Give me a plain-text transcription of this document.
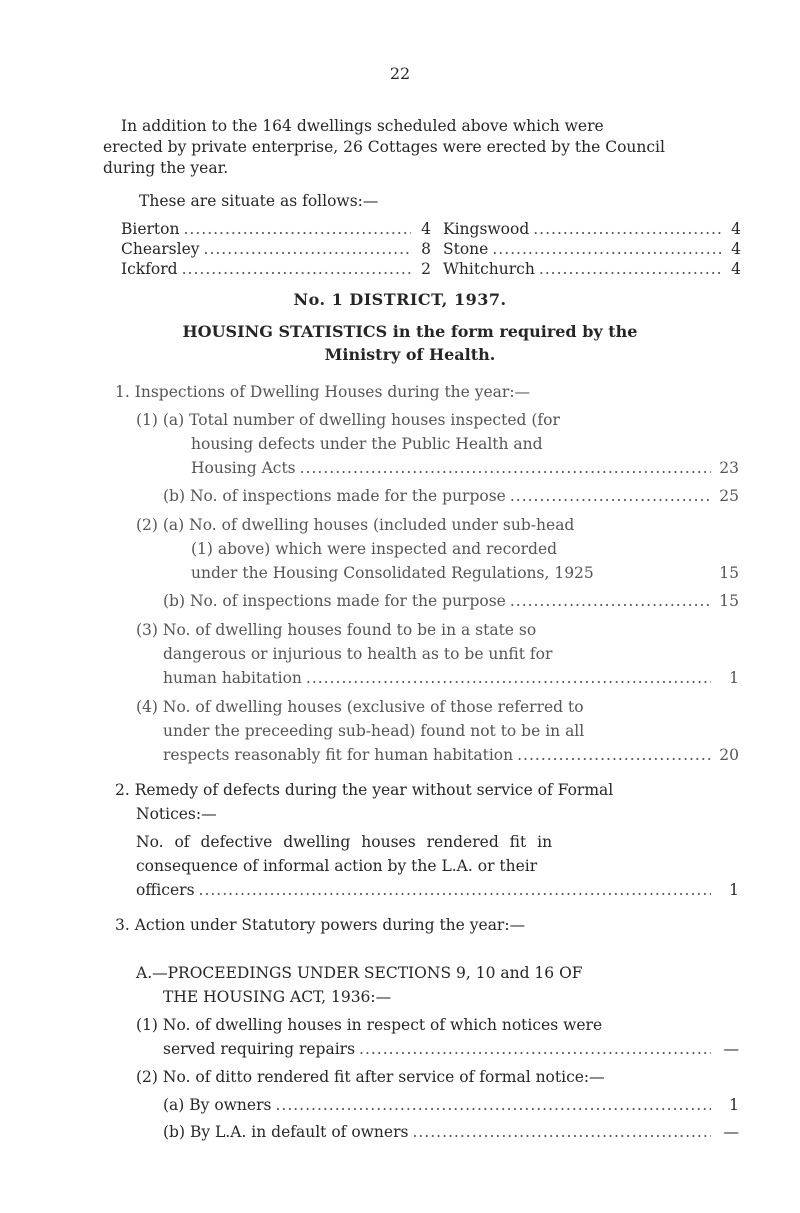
22
In addition to the 164 dwellings scheduled above which were
erected by private enterprise, 26 Cottages were erected by the Council
during the year.
These are situate as follows:—
Bierton .....	4 Kingswood .....	4
Chearsley .....	8 Stone .....	4
Ickford .....	2 Whitchurch .....	4
No. 1 DISTRICT, 1937.
HOUSING STATISTICS in the form required by the
Ministry of Health.
1. Inspections of Dwelling Houses during the year:—
(1) (a) Total number of dwelling houses inspected (for
housing defects under the Public Health and
Housing Acts .....	23
(b) No. of inspections made for the purpose .....	25
(2) (a) No. of dwelling houses (included under sub-head
(1) above) which were inspected and recorded
under the Housing Consolidated Regulations, 1925	15
(b) No. of inspections made for the purpose .....	15
(3) No. of dwelling houses found to be in a state so
dangerous or injurious to health as to be unfit for
human habitation .....	1
(4) No. of dwelling houses (exclusive of those referred to
under the preceeding sub-head) found not to be in all
respects reasonably fit for human habitation .....	20
2. Remedy of defects during the year without service of Formal
Notices:—
No. of defective dwelling houses rendered fit in
consequence of informal action by the L.A. or their
officers .....	1
3. Action under Statutory powers during the year:—
A.—PROCEEDINGS UNDER SECTIONS 9, 10 and 16 OF
THE HOUSING ACT, 1936:—
(1) No. of dwelling houses in respect of which notices were
served requiring repairs .....	—
(2) No. of ditto rendered fit after service of formal notice:—
(a) By owners .....	1
(b) By L.A. in default of owners .....	—
